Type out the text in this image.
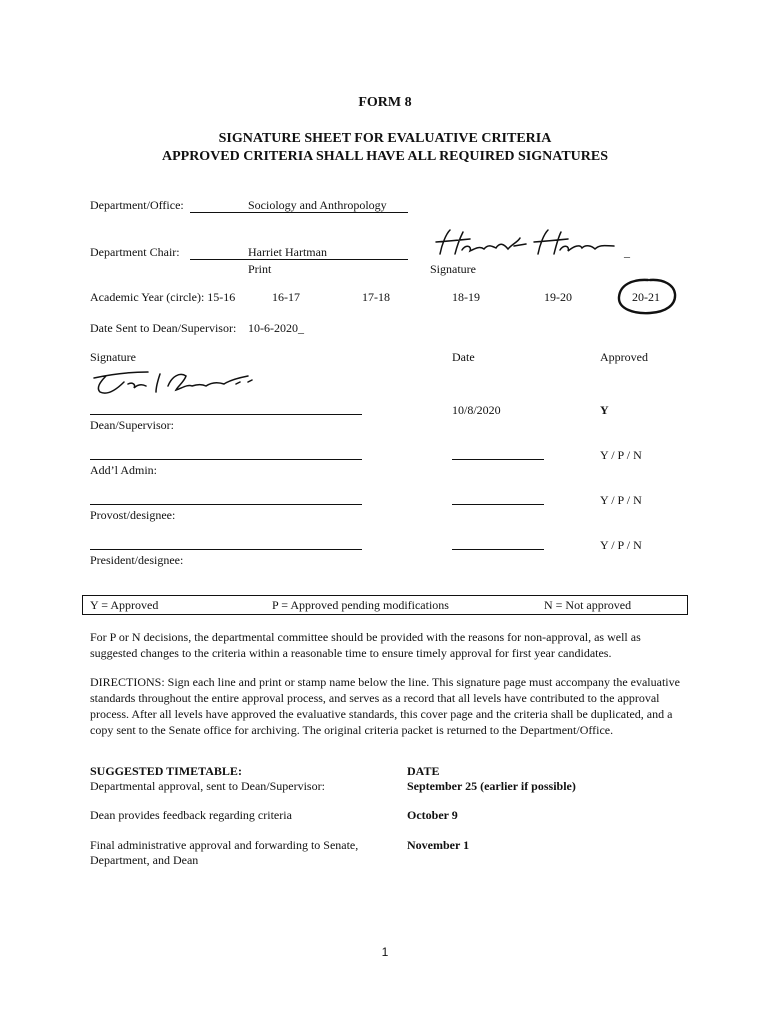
FORM 8
SIGNATURE SHEET FOR EVALUATIVE CRITERIA
APPROVED CRITERIA SHALL HAVE ALL REQUIRED SIGNATURES
Department/Office:	Sociology and Anthropology
Department Chair:	Harriet Hartman
Print
_
Signature
Academic Year (circle): 15-16	16-17	17-18	18-19	19-20	20-21
Date Sent to Dean/Supervisor: 10-6-2020_
Signature	Date	Approved
Dean/Supervisor:
10/8/2020	Y
Add’l Admin:
Y / P / N
Provost/designee:
Y / P / N
President/designee:
Y / P / N
Y = Approved	P = Approved pending modifications	N = Not approved
For P or N decisions, the departmental committee should be provided with the reasons for non-approval, as well as suggested changes to the criteria within a reasonable time to ensure timely approval for first year candidates.
DIRECTIONS: Sign each line and print or stamp name below the line. This signature page must accompany the evaluative standards throughout the entire approval process, and serves as a record that all levels have contributed to the approval process. After all levels have approved the evaluative standards, this cover page and the criteria shall be duplicated, and a copy sent to the Senate office for archiving. The original criteria packet is returned to the Department/Office.
SUGGESTED TIMETABLE:	DATE
Departmental approval, sent to Dean/Supervisor:	September 25 (earlier if possible)
Dean provides feedback regarding criteria	October 9
Final administrative approval and forwarding to Senate,
Department, and Dean
November 1
1
